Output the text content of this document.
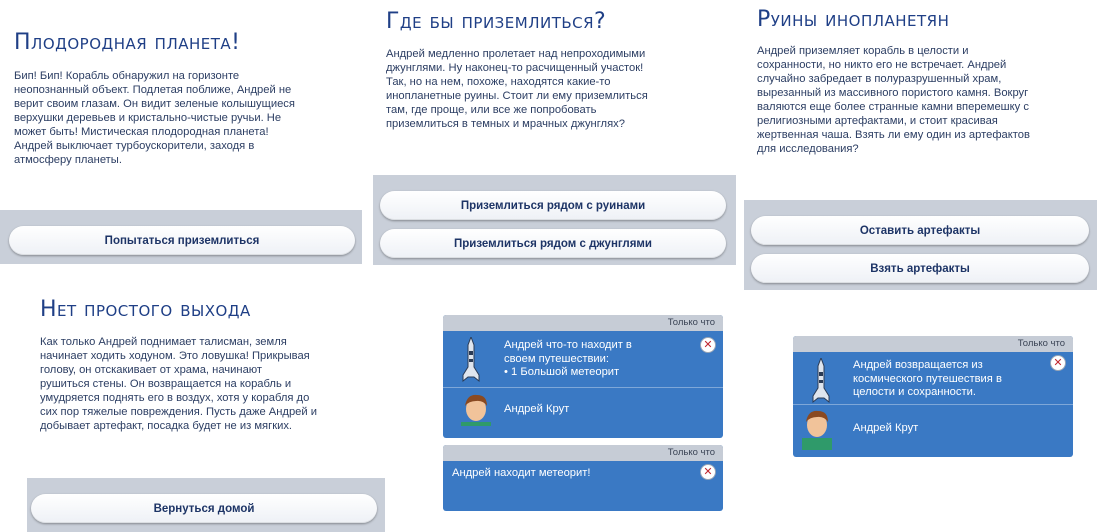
Плодородная планета!
Бип! Бип! Корабль обнаружил на горизонте
неопознанный объект. Подлетая поближе, Андрей не
верит своим глазам. Он видит зеленые колышущиеся
верхушки деревьев и кристально-чистые ручьи. Не
может быть! Мистическая плодородная планета!
Андрей выключает турбоускорители, заходя в
атмосферу планеты.
Попытаться приземлиться
Где бы приземлиться?
Андрей медленно пролетает над непроходимыми
джунглями. Ну наконец-то расчищенный участок!
Так, но на нем, похоже, находятся какие-то
инопланетные руины. Стоит ли ему приземлиться
там, где проще, или все же попробовать
приземлиться в темных и мрачных джунглях?
Приземлиться рядом с руинами
Приземлиться рядом с джунглями
Руины инопланетян
Андрей приземляет корабль в целости и
сохранности, но никто его не встречает. Андрей
случайно забредает в полуразрушенный храм,
вырезанный из массивного пористого камня. Вокруг
валяются еще более странные камни вперемешку с
религиозными артефактами, и стоит красивая
жертвенная чаша. Взять ли ему один из артефактов
для исследования?
Оставить артефакты
Взять артефакты
Нет простого выхода
Как только Андрей поднимает талисман, земля
начинает ходить ходуном. Это ловушка! Прикрывая
голову, он отскакивает от храма, начинают
рушиться стены. Он возвращается на корабль и
умудряется поднять его в воздух, хотя у корабля до
сих пор тяжелые повреждения. Пусть даже Андрей и
добывает артефакт, посадка будет не из мягких.
Вернуться домой
Только что
Андрей что-то находит в
своем путешествии:
• 1 Большой метеорит
✕
Андрей Крут
Только что
Андрей находит метеорит!	✕
Только что
Андрей возвращается из
космического путешествия в
целости и сохранности.
✕
Андрей Крут
